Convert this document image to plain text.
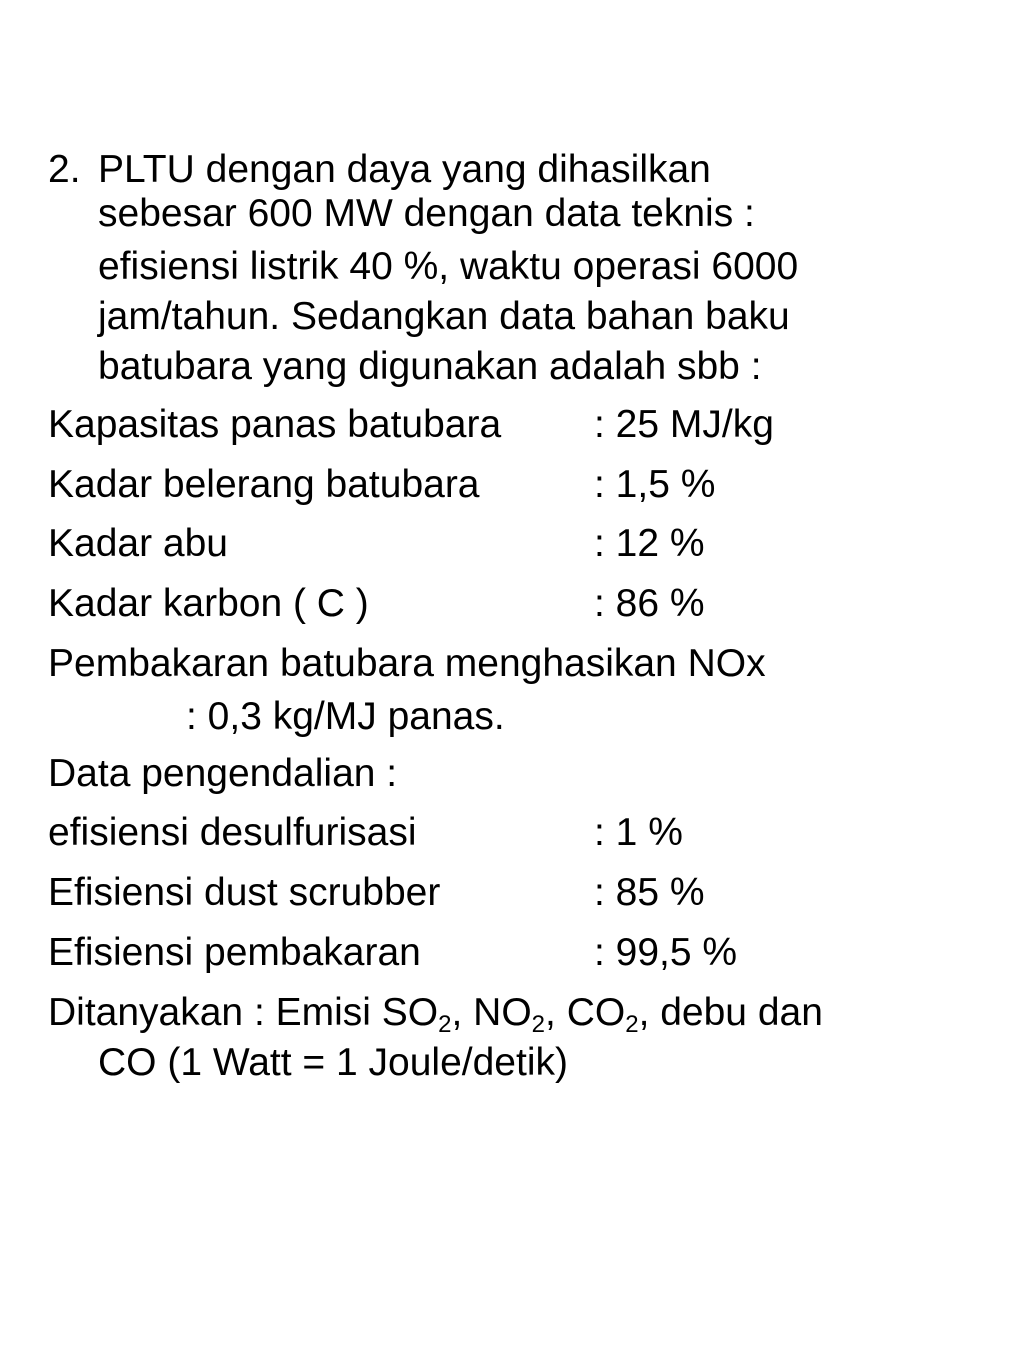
2. PLTU dengan daya yang dihasilkan
sebesar 600 MW dengan data teknis :
efisiensi listrik 40 %, waktu operasi 6000
jam/tahun. Sedangkan data bahan baku
batubara yang digunakan adalah sbb :
Kapasitas panas batubara : 25 MJ/kg
Kadar belerang batubara	: 1,5 %
Kadar abu	: 12 %
Kadar karbon ( C )	: 86 %
Pembakaran batubara menghasikan NOx
: 0,3 kg/MJ panas.
Data pengendalian :
efisiensi desulfurisasi	: 1 %
Efisiensi dust scrubber	: 85 %
Efisiensi pembakaran	: 99,5 %
Ditanyakan : Emisi $SO_2$, $NO_2$, $CO_2$, debu dan
CO (1 Watt = 1 Joule/detik)
